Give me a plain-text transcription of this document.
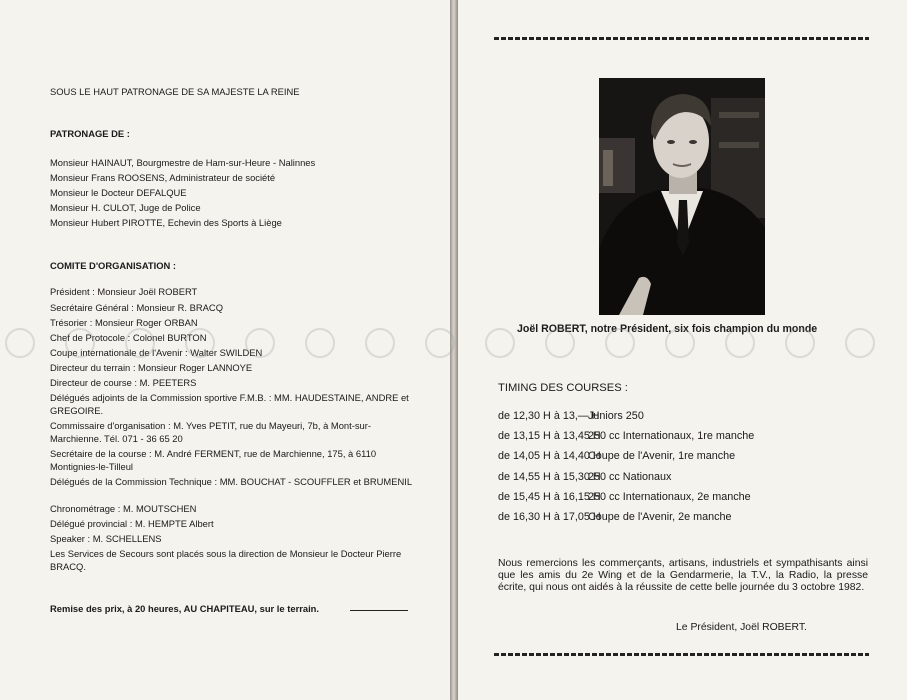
SOUS LE HAUT PATRONAGE DE SA MAJESTE LA REINE
PATRONAGE DE :
Monsieur HAINAUT, Bourgmestre de Ham-sur-Heure - Nalinnes
Monsieur Frans ROOSENS, Administrateur de société
Monsieur le Docteur DEFALQUE
Monsieur H. CULOT, Juge de Police
Monsieur Hubert PIROTTE, Echevin des Sports à Liège
COMITE D'ORGANISATION :
Président : Monsieur Joël ROBERT
Secrétaire Général : Monsieur R. BRACQ
Trésorier : Monsieur Roger ORBAN
Chef de Protocole : Colonel BURTON
Coupe internationale de l'Avenir : Walter SWILDEN
Directeur du terrain : Monsieur Roger LANNOYE
Directeur de course : M. PEETERS
Délégués adjoints de la Commission sportive F.M.B. : MM. HAUDESTAINE, ANDRE et GREGOIRE.
Commissaire d'organisation : M. Yves PETIT, rue du Mayeuri, 7b, à Mont-sur-Marchienne. Tél. 071 - 36 65 20
Secrétaire de la course : M. André FERMENT, rue de Marchienne, 175, à 6110 Montignies-le-Tilleul
Délégués de la Commission Technique : MM. BOUCHAT - SCOUFFLER et BRUMENIL
Chronométrage : M. MOUTSCHEN
Délégué provincial : M. HEMPTE Albert
Speaker : M. SCHELLENS
Les Services de Secours sont placés sous la direction de Monsieur le Docteur Pierre BRACQ.
Remise des prix, à 20 heures, AU CHAPITEAU, sur le terrain.
Joël ROBERT, notre Président, six fois champion du monde
TIMING DES COURSES :
de 12,30 H à 13,— H
Juniors 250
de 13,15 H à 13,45 H
250 cc Internationaux, 1re manche
de 14,05 H à 14,40 H
Coupe de l'Avenir, 1re manche
de 14,55 H à 15,30 H
250 cc Nationaux
de 15,45 H à 16,15 H
250 cc Internationaux, 2e manche
de 16,30 H à 17,05 H
Coupe de l'Avenir, 2e manche
Nous remercions les commerçants, artisans, industriels et sympathisants ainsi que les amis du 2e Wing et de la Gendarmerie, la T.V., la Radio, la presse écrite, qui nous ont aidés à la réussite de cette belle journée du 3 octobre 1982.
Le Président, Joël ROBERT.
